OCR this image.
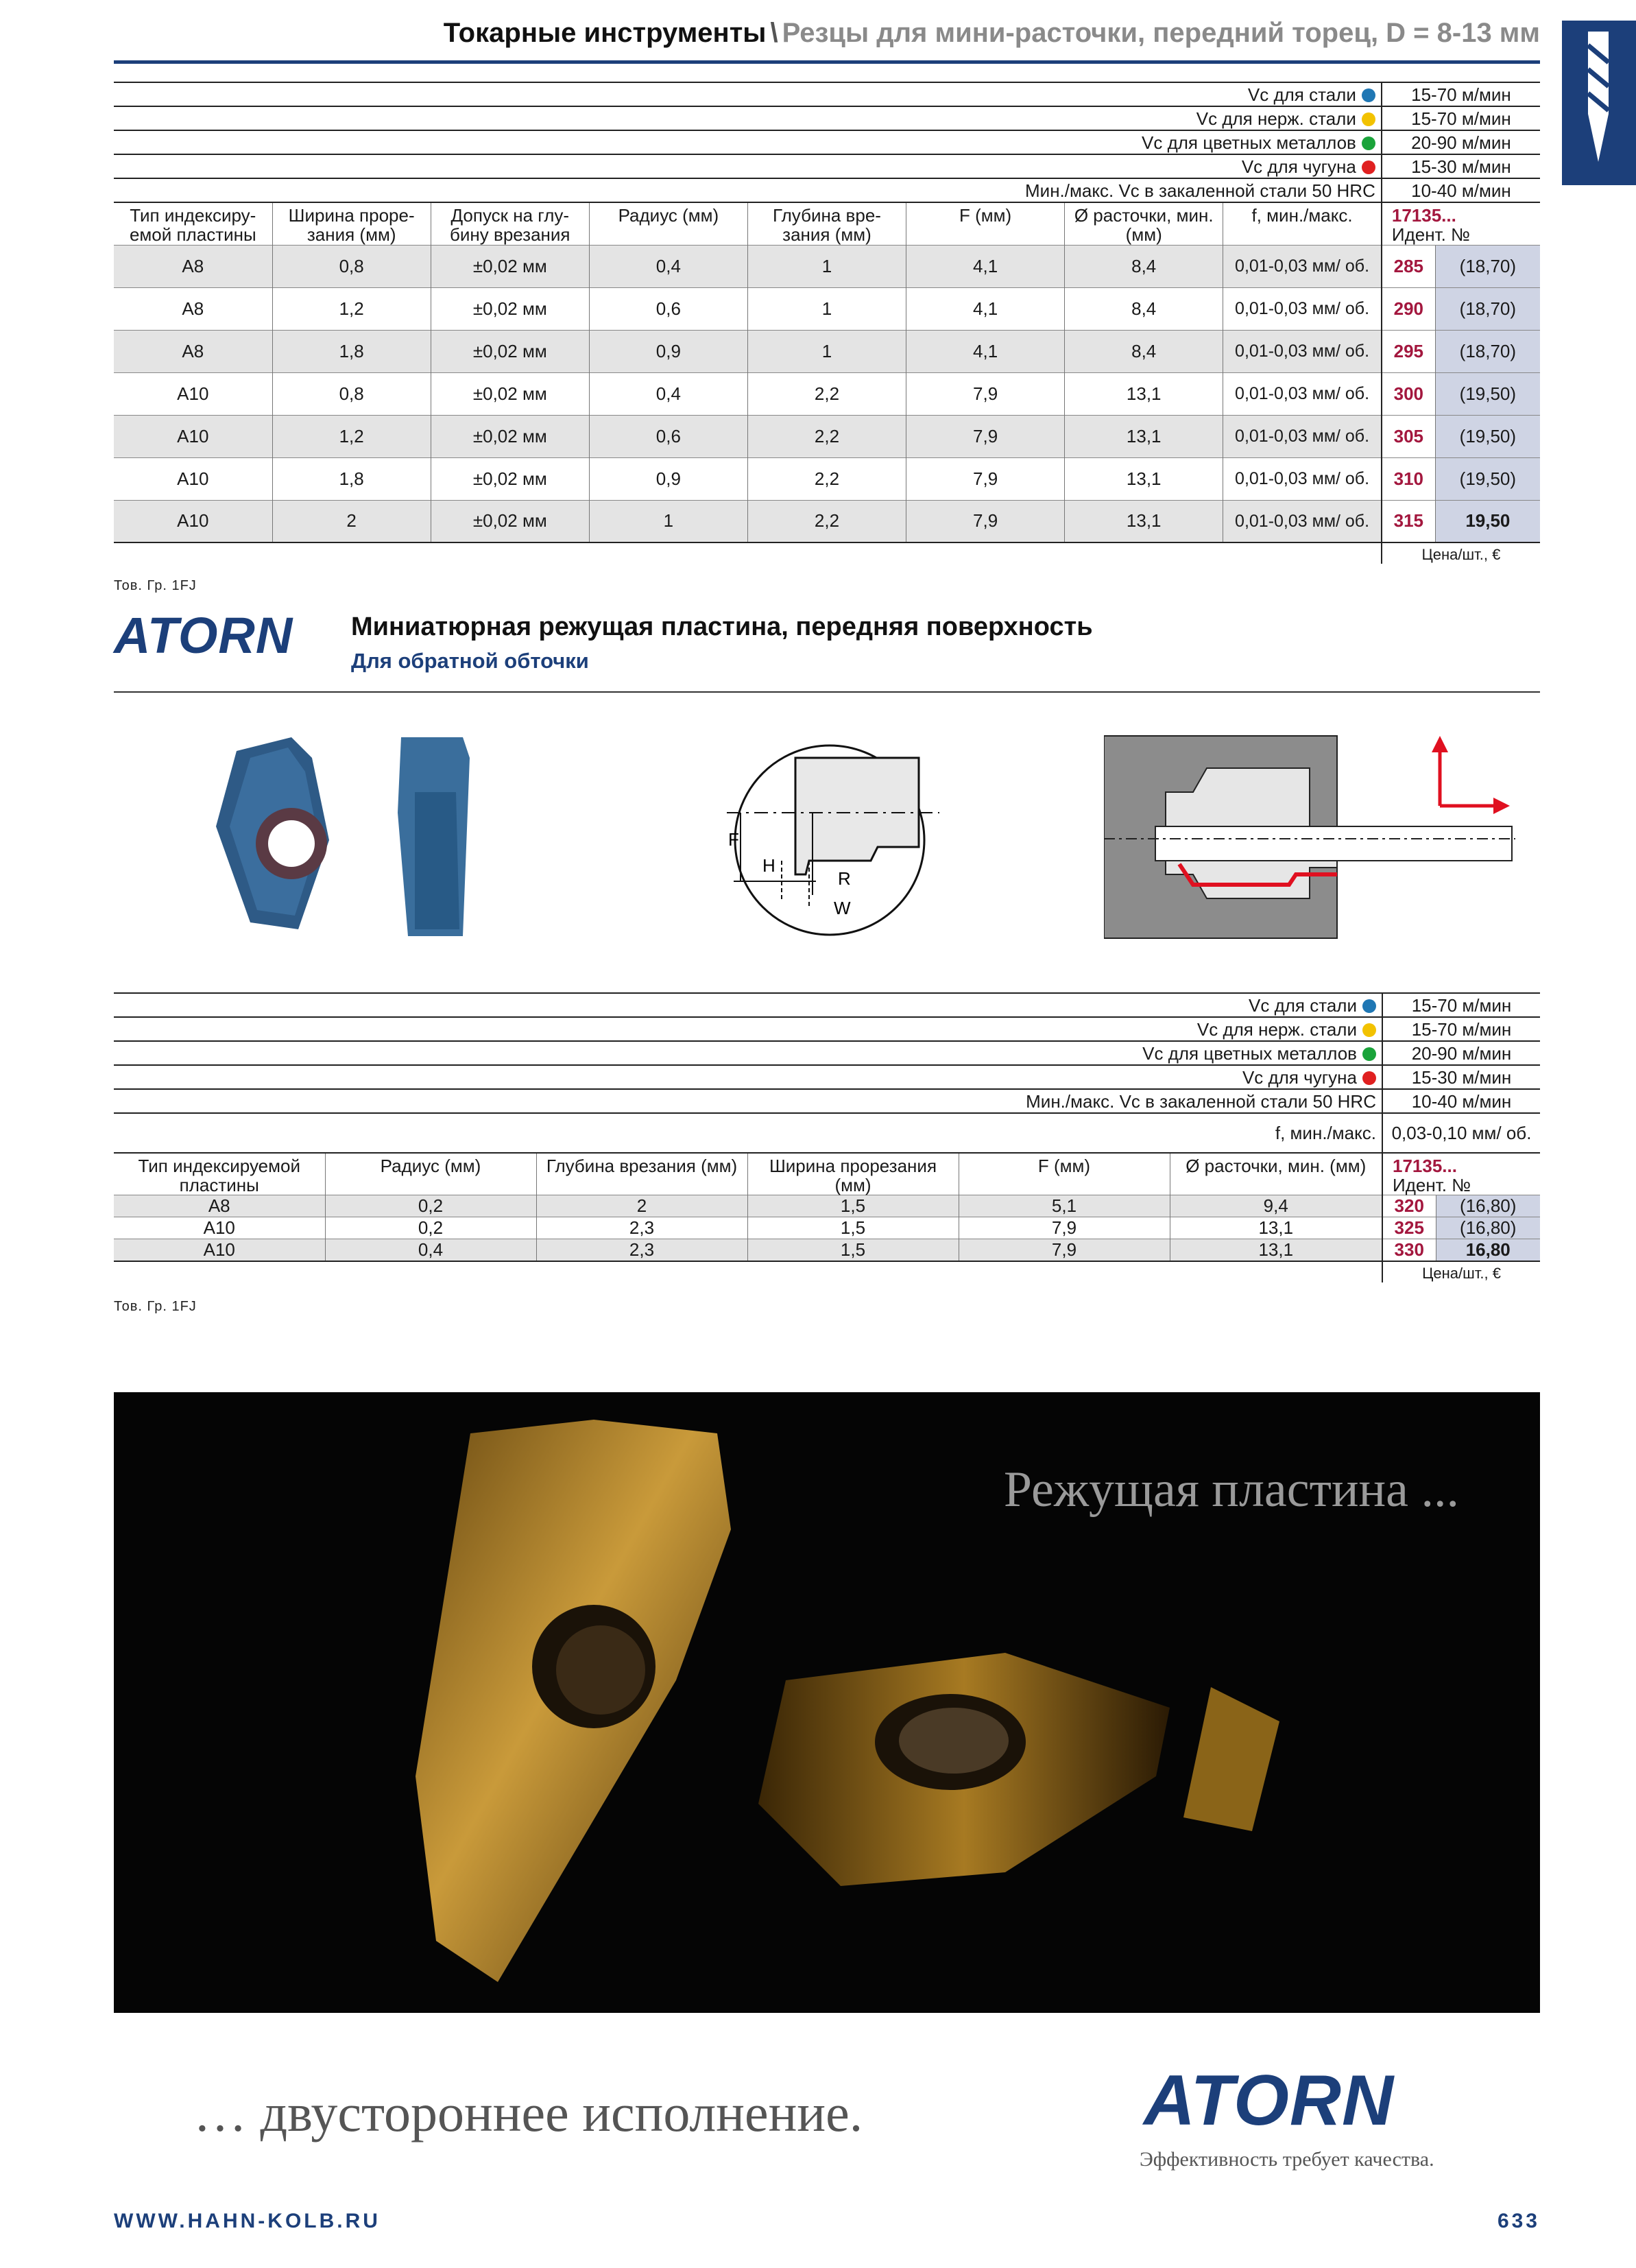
Токарные инструменты \ Резцы для мини-расточки, передний торец, D = 8-13 мм
Vc для стали								15-70 м/мин	
Vc для нерж. стали								15-70 м/мин	
Vc для цветных металлов								20-90 м/мин	
Vc для чугуна								15-30 м/мин	
Мин./макс. Vc в закаленной стали 50 HRC								10-40 м/мин	
Тип индексиру- емой пластины	Ширина проре- зания (мм)	Допуск на глу- бину врезания	Радиус (мм)	Глубина вре- зания (мм)	F (мм)	Ø расточки, мин. (мм)	f, мин./макс.	17135...
Идент. №	

A8	0,8	±0,02 мм	0,4	1	4,1	8,4	0,01-0,03 мм/ об.	285	(18,70)
A8	1,2	±0,02 мм	0,6	1	4,1	8,4	0,01-0,03 мм/ об.	290	(18,70)
A8	1,8	±0,02 мм	0,9	1	4,1	8,4	0,01-0,03 мм/ об.	295	(18,70)
A10	0,8	±0,02 мм	0,4	2,2	7,9	13,1	0,01-0,03 мм/ об.	300	(19,50)
A10	1,2	±0,02 мм	0,6	2,2	7,9	13,1	0,01-0,03 мм/ об.	305	(19,50)
A10	1,8	±0,02 мм	0,9	2,2	7,9	13,1	0,01-0,03 мм/ об.	310	(19,50)
A10	2	±0,02 мм	1	2,2	7,9	13,1	0,01-0,03 мм/ об.	315	19,50
								Цена/шт., €	
Тов. Гр. 1FJ
ATORN Миниатюрная режущая пластина, передняя поверхность
Для обратной обточки
F
H
R
W
Vc для стали						15-70 м/мин	
Vc для нерж. стали						15-70 м/мин	
Vc для цветных металлов						20-90 м/мин	
Vc для чугуна						15-30 м/мин	
Мин./макс. Vc в закаленной стали 50 HRC						10-40 м/мин	
f, мин./макс.						0,03-0,10 мм/ об.	
Тип индексируемой пластины	Радиус (мм)	Глубина врезания (мм)	Ширина прорезания (мм)	F (мм)	Ø расточки, мин. (мм)	17135...
Идент. №	

A8	0,2	2	1,5	5,1	9,4	320	(16,80)
A10	0,2	2,3	1,5	7,9	13,1	325	(16,80)
A10	0,4	2,3	1,5	7,9	13,1	330	16,80
						Цена/шт., €	
Тов. Гр. 1FJ
Режущая пластина ...
… двустороннее исполнение.	ATORN
Эффективность требует качества.
WWW.HAHN-KOLB.RU	633
